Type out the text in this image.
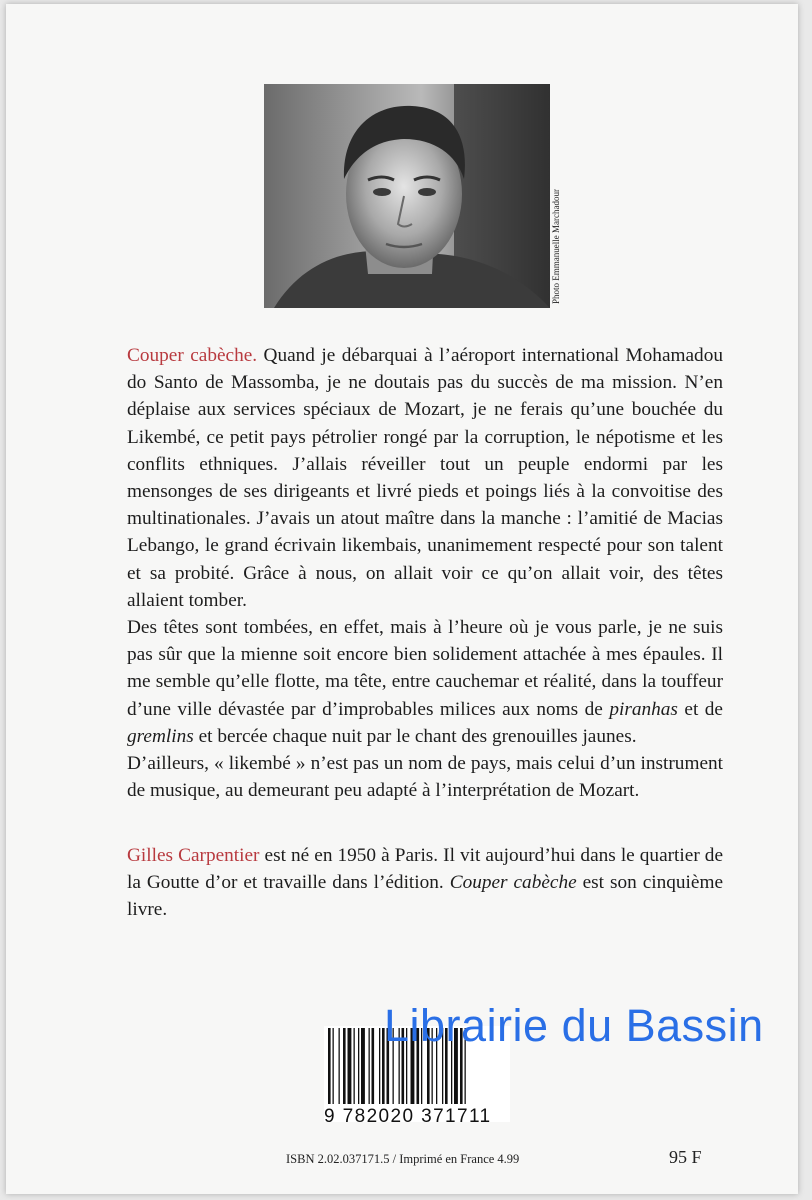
Photo Emmanuelle Marchadour

Couper cabèche. Quand je débarquai à l’aéroport international Mohamadou do Santo de Massomba, je ne doutais pas du succès de ma mission. N’en déplaise aux services spéciaux de Mozart, je ne ferais qu’une bouchée du Likembé, ce petit pays pétrolier rongé par la corruption, le népotisme et les conflits ethniques. J’allais réveiller tout un peuple endormi par les mensonges de ses dirigeants et livré pieds et poings liés à la convoitise des multinationales. J’avais un atout maître dans la manche : l’amitié de Macias Lebango, le grand écrivain likembais, unanimement respecté pour son talent et sa probité. Grâce à nous, on allait voir ce qu’on allait voir, des têtes allaient tomber.

Des têtes sont tombées, en effet, mais à l’heure où je vous parle, je ne suis pas sûr que la mienne soit encore bien solidement attachée à mes épaules. Il me semble qu’elle flotte, ma tête, entre cauchemar et réalité, dans la touffeur d’une ville dévastée par d’improbables milices aux noms de piranhas et de gremlins et bercée chaque nuit par le chant des grenouilles jaunes.

D’ailleurs, « likembé » n’est pas un nom de pays, mais celui d’un instrument de musique, au demeurant peu adapté à l’interprétation de Mozart.

Gilles Carpentier est né en 1950 à Paris. Il vit aujourd’hui dans le quartier de la Goutte d’or et travaille dans l’édition. Couper cabèche est son cinquième livre.

9 782020 371711
Librairie du Bassin
ISBN 2.02.037171.5 / Imprimé en France 4.99	95 F
